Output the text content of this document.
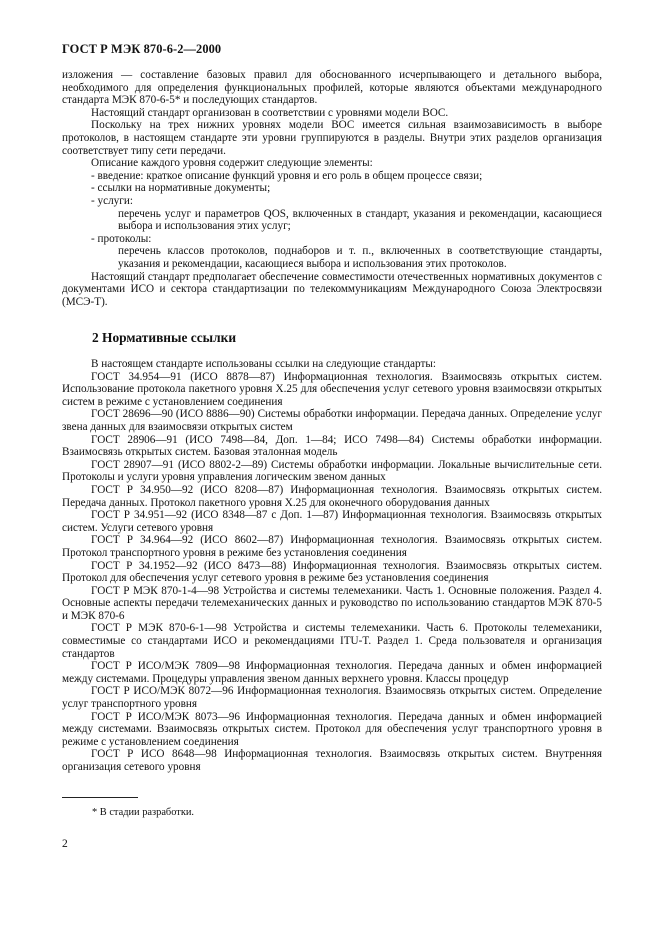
ГОСТ Р МЭК 870-6-2—2000

изложения — составление базовых правил для обоснованного исчерпывающего и детального выбора, необходимого для определения функциональных профилей, которые являются объектами международного стандарта МЭК 870-6-5* и последующих стандартов.

Настоящий стандарт организован в соответствии с уровнями модели ВОС.

Поскольку на трех нижних уровнях модели ВОС имеется сильная взаимозависимость в выборе протоколов, в настоящем стандарте эти уровни группируются в разделы. Внутри этих разделов организация соответствует типу сети передачи.

Описание каждого уровня содержит следующие элементы:

- введение: краткое описание функций уровня и его роль в общем процессе связи;

- ссылки на нормативные документы;

- услуги:

перечень услуг и параметров QOS, включенных в стандарт, указания и рекомендации, касающиеся выбора и использования этих услуг;

- протоколы:

перечень классов протоколов, поднаборов и т. п., включенных в соответствующие стандарты, указания и рекомендации, касающиеся выбора и использования этих протоколов.

Настоящий стандарт предполагает обеспечение совместимости отечественных нормативных документов с документами ИСО и сектора стандартизации по телекоммуникациям Международного Союза Электросвязи (МСЭ-Т).

2 Нормативные ссылки

В настоящем стандарте использованы ссылки на следующие стандарты:

ГОСТ 34.954—91 (ИСО 8878—87) Информационная технология. Взаимосвязь открытых систем. Использование протокола пакетного уровня Х.25 для обеспечения услуг сетевого уровня взаимосвязи открытых систем в режиме с установлением соединения

ГОСТ 28696—90 (ИСО 8886—90) Системы обработки информации. Передача данных. Определение услуг звена данных для взаимосвязи открытых систем

ГОСТ 28906—91 (ИСО 7498—84, Доп. 1—84; ИСО 7498—84) Системы обработки информации. Взаимосвязь открытых систем. Базовая эталонная модель

ГОСТ 28907—91 (ИСО 8802-2—89) Системы обработки информации. Локальные вычислительные сети. Протоколы и услуги уровня управления логическим звеном данных

ГОСТ Р 34.950—92 (ИСО 8208—87) Информационная технология. Взаимосвязь открытых систем. Передача данных. Протокол пакетного уровня Х.25 для оконечного оборудования данных

ГОСТ Р 34.951—92 (ИСО 8348—87 с Доп. 1—87) Информационная технология. Взаимосвязь открытых систем. Услуги сетевого уровня

ГОСТ Р 34.964—92 (ИСО 8602—87) Информационная технология. Взаимосвязь открытых систем. Протокол транспортного уровня в режиме без установления соединения

ГОСТ Р 34.1952—92 (ИСО 8473—88) Информационная технология. Взаимосвязь открытых систем. Протокол для обеспечения услуг сетевого уровня в режиме без установления соединения

ГОСТ Р МЭК 870-1-4—98 Устройства и системы телемеханики. Часть 1. Основные положения. Раздел 4. Основные аспекты передачи телемеханических данных и руководство по использованию стандартов МЭК 870-5 и МЭК 870-6

ГОСТ Р МЭК 870-6-1—98 Устройства и системы телемеханики. Часть 6. Протоколы телемеханики, совместимые со стандартами ИСО и рекомендациями ITU-T. Раздел 1. Среда пользователя и организация стандартов

ГОСТ Р ИСО/МЭК 7809—98 Информационная технология. Передача данных и обмен информацией между системами. Процедуры управления звеном данных верхнего уровня. Классы процедур

ГОСТ Р ИСО/МЭК 8072—96 Информационная технология. Взаимосвязь открытых систем. Определение услуг транспортного уровня

ГОСТ Р ИСО/МЭК 8073—96 Информационная технология. Передача данных и обмен информацией между системами. Взаимосвязь открытых систем. Протокол для обеспечения услуг транспортного уровня в режиме с установлением соединения

ГОСТ Р ИСО 8648—98 Информационная технология. Взаимосвязь открытых систем. Внутренняя организация сетевого уровня

* В стадии разработки.
2
